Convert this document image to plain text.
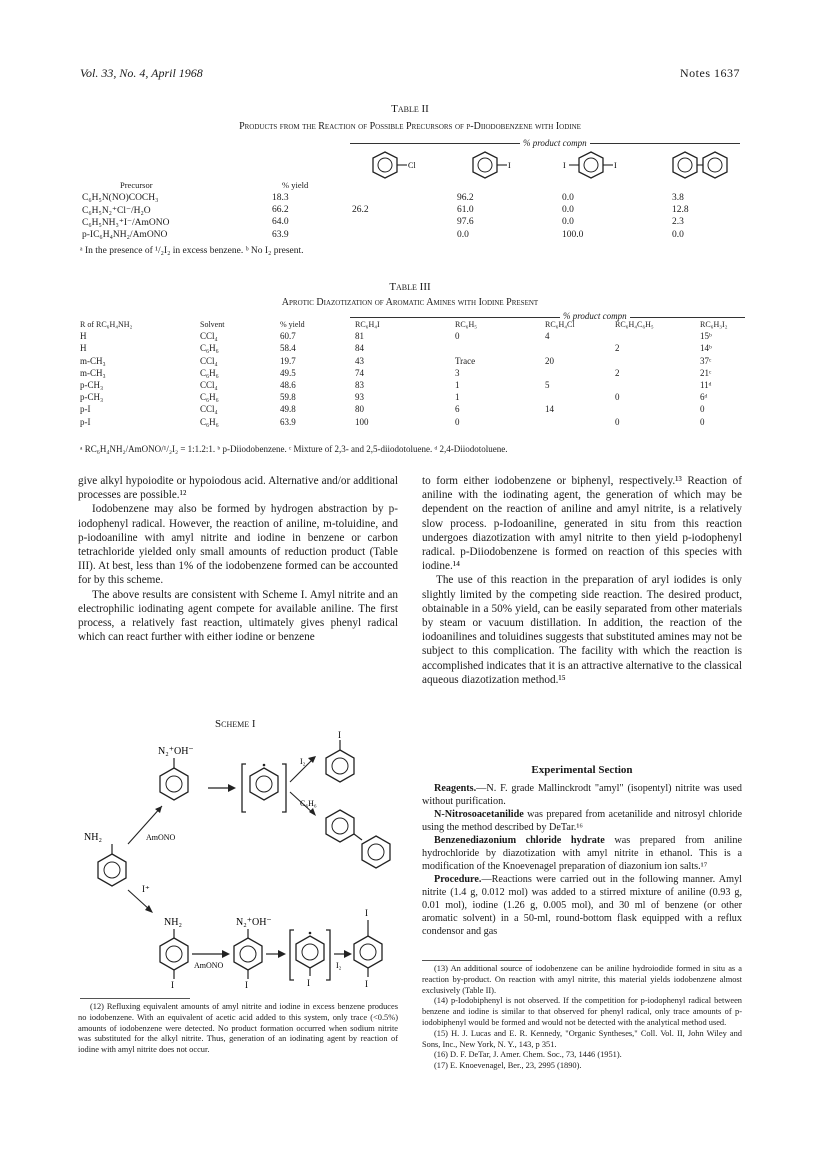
Vol. 33, No. 4, April 1968	Notes 1637
Table II
Products from the Reaction of Possible Precursors of p-Diiodobenzene with Iodine
% product compn
Cl	I	I	I
Precursor	% yield
C₆H₅N(NO)COCH₃	18.3		96.2	0.0	3.8
C₆H₅N₂⁺Cl⁻/H₂O	66.2	26.2	61.0	0.0	12.8
C₆H₅NH₃⁺I⁻/AmONO	64.0		97.6	0.0	2.3
p-IC₆H₄NH₂/AmONO	63.9		0.0	100.0	0.0
ᵃ In the presence of ¹/₂I₂ in excess benzene. ᵇ No I₂ present.
Table III
Aprotic Diazotization of Aromatic Amines with Iodine Present
% product compn
R of RC₆H₄NH₂	Solvent	% yield	RC₆H₄I	RC₆H₅	RC₆H₄Cl	RC₆H₄C₆H₅	RC₆H₃I₂
H	CCl₄	60.7	81	0	4		15ᵇ
H	C₆H₆	58.4	84			2	14ᵇ
m-CH₃	CCl₄	19.7	43	Trace	20		37ᶜ
m-CH₃	C₆H₆	49.5	74	3		2	21ᶜ
p-CH₃	CCl₄	48.6	83	1	5		11ᵈ
p-CH₃	C₆H₆	59.8	93	1		0	6ᵈ
p-I	CCl₄	49.8	80	6	14		0
p-I	C₆H₆	63.9	100	0		0	0
ᵃ RC₆H₄NH₂/AmONO/¹/₂I₂ = 1:1.2:1. ᵇ p-Diiodobenzene. ᶜ Mixture of 2,3- and 2,5-diiodotoluene. ᵈ 2,4-Diiodotoluene.

give alkyl hypoiodite or hypoiodous acid. Alternative and/or additional processes are possible.¹²

Iodobenzene may also be formed by hydrogen abstraction by p-iodophenyl radical. However, the reaction of aniline, m-toluidine, and p-iodoaniline with amyl nitrite and iodine in benzene or carbon tetrachloride yielded only small amounts of reduction product (Table III). At best, less than 1% of the iodobenzene formed can be accounted for by this scheme.

The above results are consistent with Scheme I. Amyl nitrite and an electrophilic iodinating agent compete for available aniline. The first process, a relatively fast reaction, ultimately gives phenyl radical which can react further with either iodine or benzene

Scheme I
NH₂	AmONO
N₂⁺OH⁻
I₂
C₆H₆
I
I⁺
NH₂
I
AmONO
N₂⁺OH⁻
I	I
I₂
I
I

(12) Refluxing equivalent amounts of amyl nitrite and iodine in excess benzene produces no iodobenzene. With an equivalent of acetic acid added to this system, only trace (<0.5%) amounts of iodobenzene were detected. No product formation occurred when sodium nitrite was substituted for the alkyl nitrite. Thus, generation of an iodinating agent by reaction of iodine with amyl nitrite does not occur.

to form either iodobenzene or biphenyl, respectively.¹³ Reaction of aniline with the iodinating agent, the generation of which may be dependent on the reaction of aniline and amyl nitrite, is a relatively slow process. p-Iodoaniline, generated in situ from this reaction undergoes diazotization with amyl nitrite to then yield p-iodophenyl radical. p-Diiodobenzene is formed on reaction of this species with iodine.¹⁴

The use of this reaction in the preparation of aryl iodides is only slightly limited by the competing side reaction. The desired product, obtainable in a 50% yield, can be easily separated from other materials by steam or vacuum distillation. In addition, the reaction of the iodoanilines and toluidines suggests that substituted amines may not be subject to this complication. The facility with which the reaction is accomplished indicates that it is an attractive alternative to the classical aqueous diazotization method.¹⁵

Experimental Section

Reagents.—N. F. grade Mallinckrodt "amyl" (isopentyl) nitrite was used without purification.

N-Nitrosoacetanilide was prepared from acetanilide and nitrosyl chloride using the method described by DeTar.¹⁶

Benzenediazonium chloride hydrate was prepared from aniline hydrochloride by diazotization with amyl nitrite in ethanol. This is a modification of the Knoevenagel preparation of diazonium ion salts.¹⁷

Procedure.—Reactions were carried out in the following manner. Amyl nitrite (1.4 g, 0.012 mol) was added to a stirred mixture of aniline (0.93 g, 0.01 mol), iodine (1.26 g, 0.005 mol), and 30 ml of benzene (or other aromatic solvent) in a 50-ml, round-bottom flask equipped with a reflux condensor and gas

(13) An additional source of iodobenzene can be aniline hydroiodide formed in situ as a reaction by-product. On reaction with amyl nitrite, this material yields iodobenzene almost exclusively (Table II).

(14) p-Iodobiphenyl is not observed. If the competition for p-iodophenyl radical between benzene and iodine is similar to that observed for phenyl radical, only trace amounts of p-iodobiphenyl would be formed and would not be detected with the analytical method used.

(15) H. J. Lucas and E. R. Kennedy, "Organic Syntheses," Coll. Vol. II, John Wiley and Sons, Inc., New York, N. Y., 143, p 351.

(16) D. F. DeTar, J. Amer. Chem. Soc., 73, 1446 (1951).

(17) E. Knoevenagel, Ber., 23, 2995 (1890).
